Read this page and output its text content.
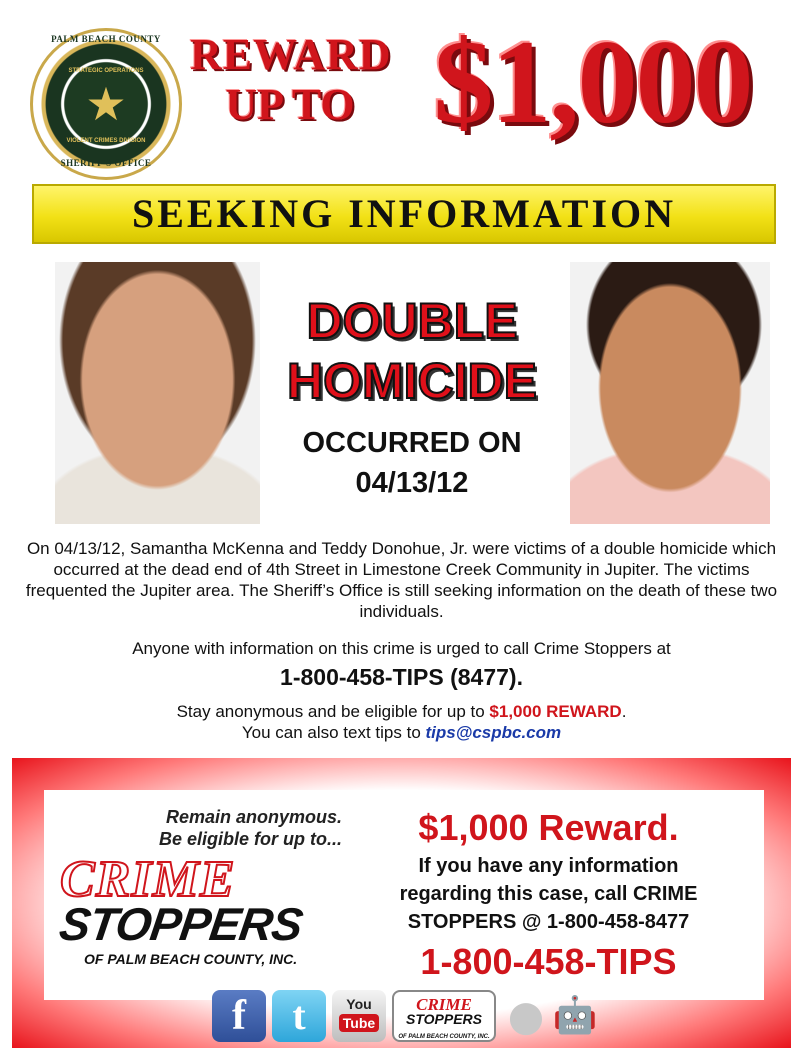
PALM BEACH COUNTY
STRATEGIC OPERATIONS
★
VIOLENT CRIMES DIVISION
SHERIFF'S OFFICE
REWARD
UP TO $1,000
SEEKING INFORMATION
DOUBLE
HOMICIDE
OCCURRED ON
04/13/12
On 04/13/12, Samantha McKenna and Teddy Donohue, Jr. were victims of a double homicide which occurred at the dead end of 4th Street in Limestone Creek Community in Jupiter. The victims frequented the Jupiter area. The Sheriff’s Office is still seeking information on the death of these two individuals.
Anyone with information on this crime is urged to call Crime Stoppers at
1-800-458-TIPS (8477).
Stay anonymous and be eligible for up to $1,000 REWARD.
You can also text tips to tips@cspbc.com
Remain anonymous.
Be eligible for up to...
CRIME
STOPPERS
OF PALM BEACH COUNTY, INC.
$1,000 Reward.
If you have any information
regarding this case, call CRIME
STOPPERS @ 1-800-458-8477
1-800-458-TIPS
f	t	You
Tube
CRIME
STOPPERS
OF PALM BEACH COUNTY, INC. ● 🤖
